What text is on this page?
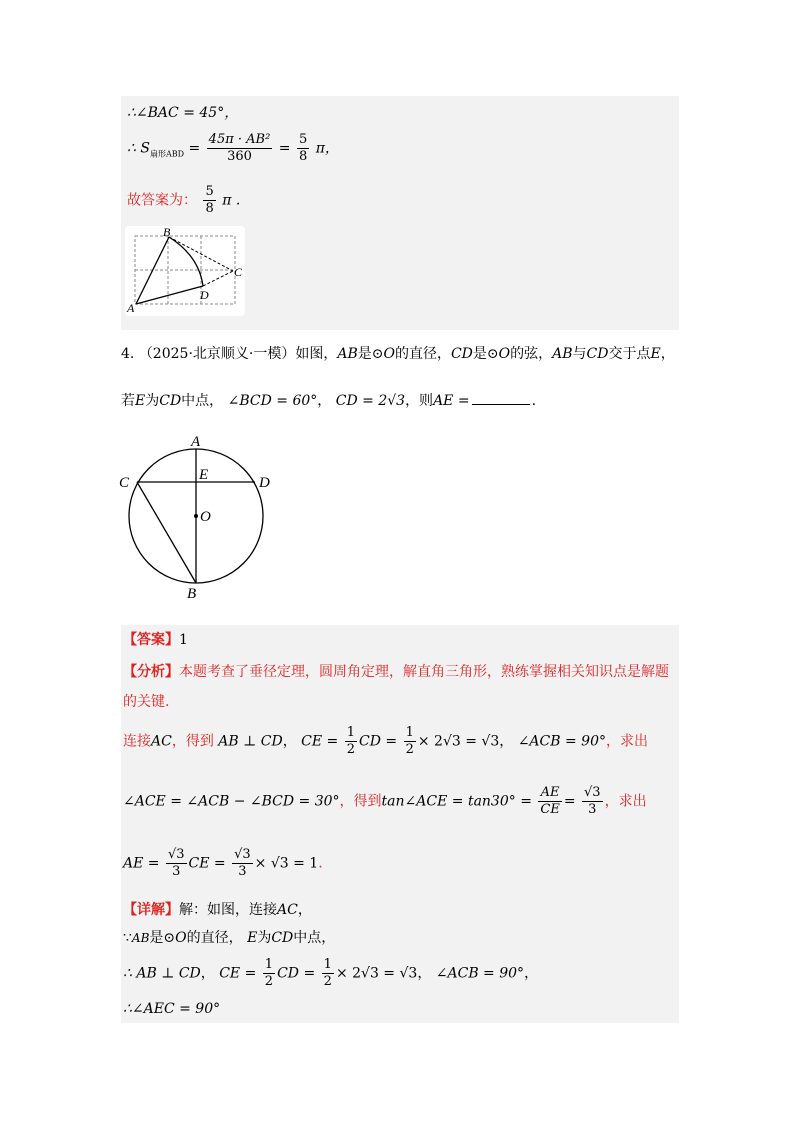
∴∠BAC = 45°，
∴ $S_{扇形ABD} = \frac{\text{45π · AB²}}{360} = \frac{5}{8}$ π，
故答案为： $\frac{5}{8}$ π .
A
B
C
D
4. （2025·北京顺义·一模）如图，AB是⊙O的直径，CD是⊙O的弦，AB与CD交于点E，
若E为CD中点， ∠BCD = 60°， CD = 2√3，则AE =	.
A
B
C	D
E
O
【答案】1
【分析】本题考查了垂径定理，圆周角定理，解直角三角形，熟练掌握相关知识点是解题
的关键.
连接AC，得到 AB ⊥ CD， CE = $\frac{1}{2}$ CD = $\frac{1}{2} \times 2√3 = √3$， ∠ACB = 90°，求出
∠ACE = ∠ACB − ∠BCD = 30°，得到tan∠ACE = $\tan 30^\circ = \frac{AE}{CE} = \frac{√3}{3}$ ，求出
AE = $\frac{√3}{3}$ CE = $\frac{√3}{3} \times √3 = 1$.
【详解】解：如图，连接AC，
∵AB是⊙O的直径， E为CD中点，
∴ AB ⊥ CD， CE = $\frac{1}{2}$ CD = $\frac{1}{2} \times 2√3 = √3$， ∠ACB = 90°，
∴∠AEC = 90°
